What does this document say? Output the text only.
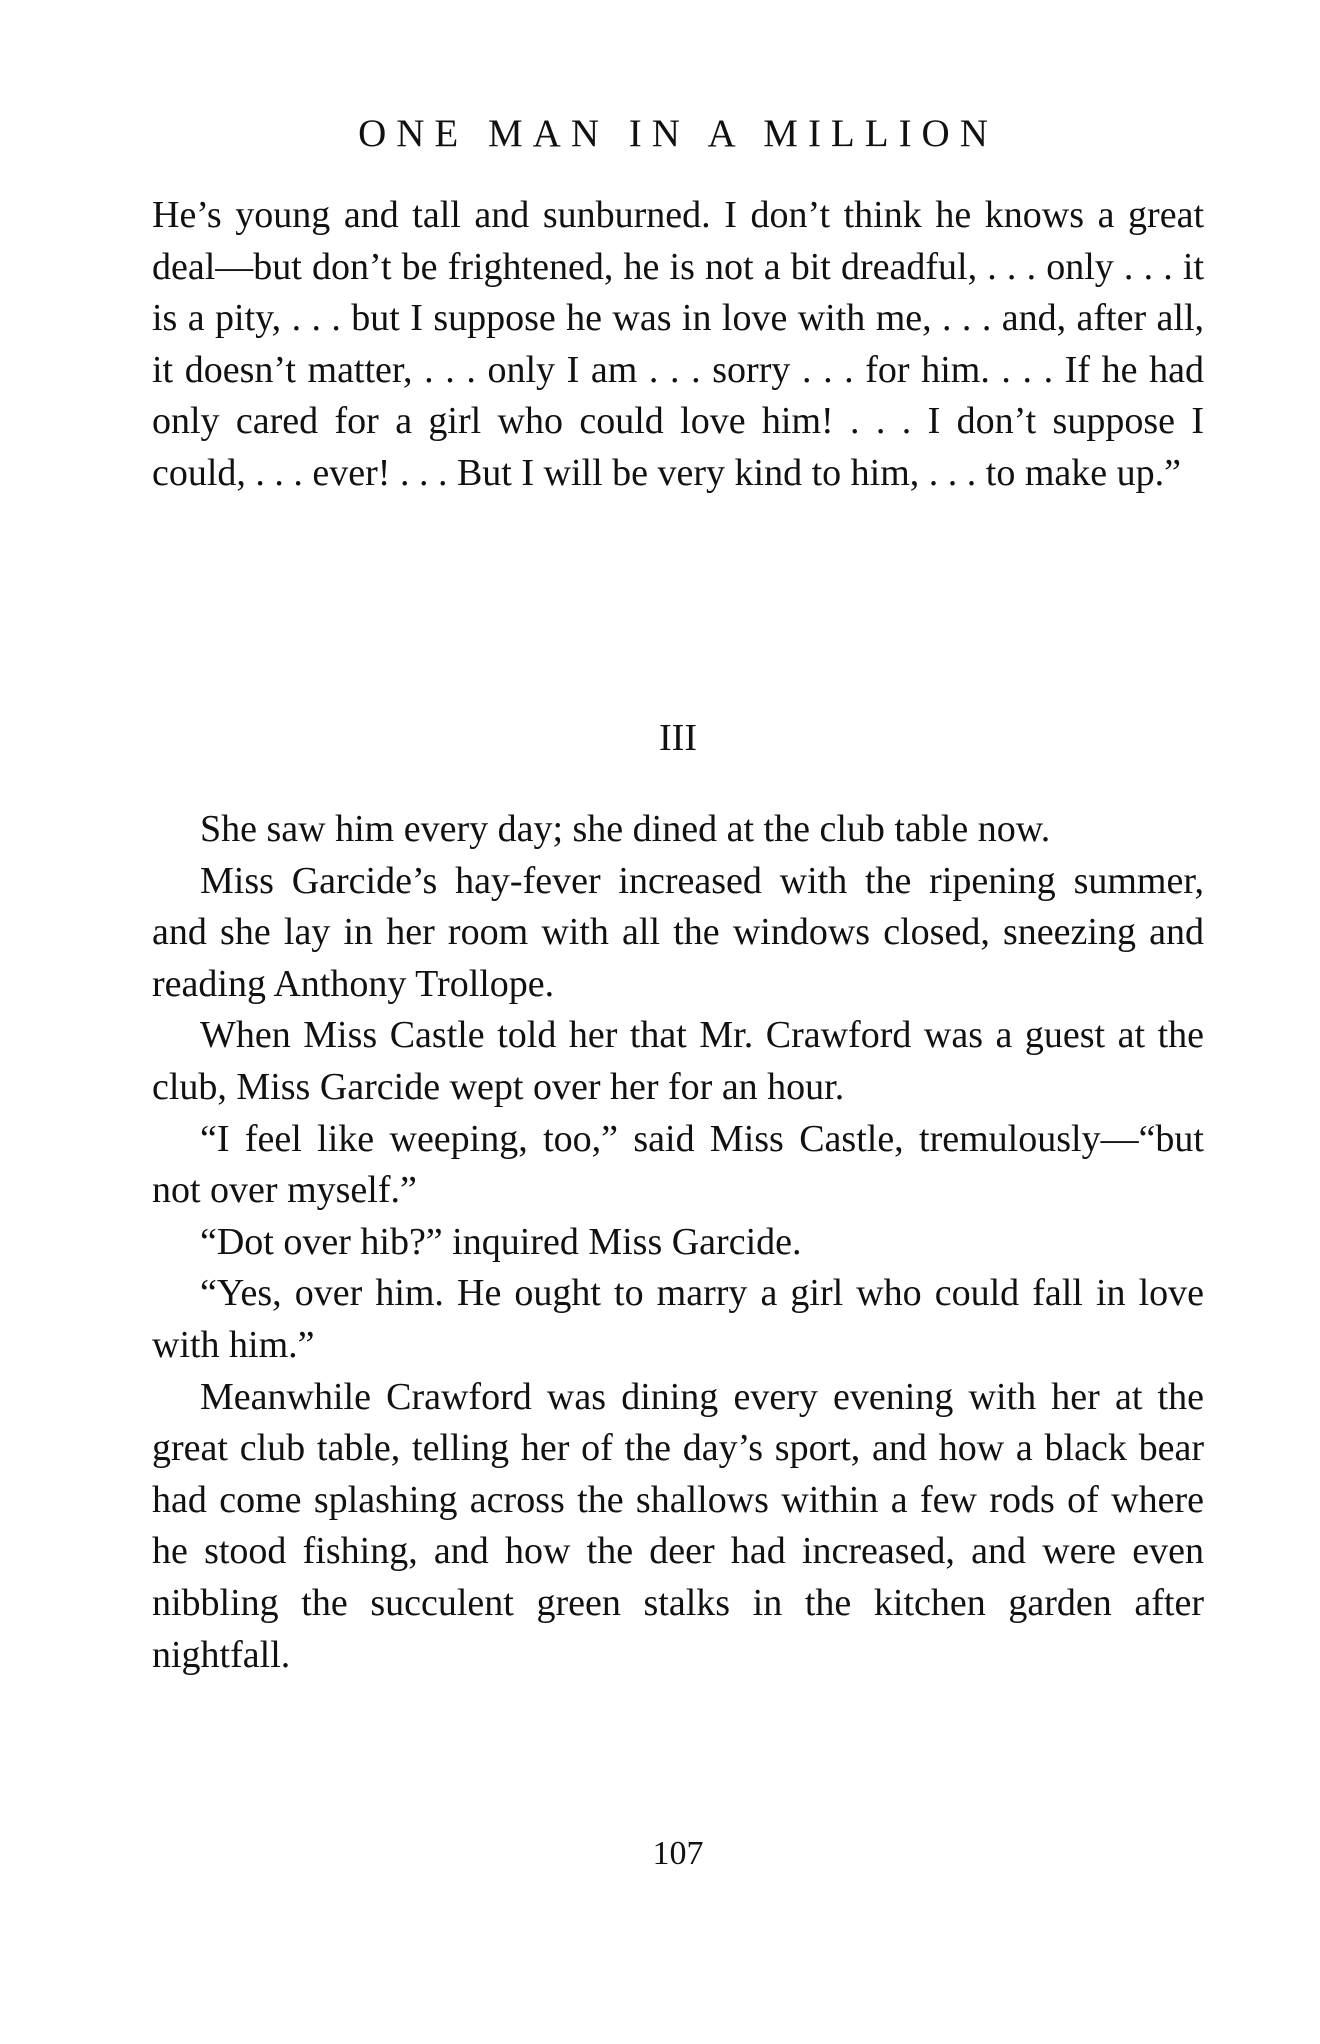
ONE MAN IN A MILLION

He’s young and tall and sunburned. I don’t think he knows a great deal—but don’t be frightened, he is not a bit dreadful, . . . only . . . it is a pity, . . . but I suppose he was in love with me, . . . and, after all, it doesn’t matter, . . . only I am . . . sorry . . . for him. . . . If he had only cared for a girl who could love him! . . . I don’t suppose I could, . . . ever! . . . But I will be very kind to him, . . . to make up.”

III

She saw him every day; she dined at the club table now.

Miss Garcide’s hay-fever increased with the ripening summer, and she lay in her room with all the windows closed, sneezing and reading Anthony Trollope.

When Miss Castle told her that Mr. Crawford was a guest at the club, Miss Garcide wept over her for an hour.

“I feel like weeping, too,” said Miss Castle, tremulously—“but not over myself.”

“Dot over hib?” inquired Miss Garcide.

“Yes, over him. He ought to marry a girl who could fall in love with him.”

Meanwhile Crawford was dining every evening with her at the great club table, telling her of the day’s sport, and how a black bear had come splashing across the shallows within a few rods of where he stood fishing, and how the deer had increased, and were even nibbling the succulent green stalks in the kitchen garden after nightfall.

107
